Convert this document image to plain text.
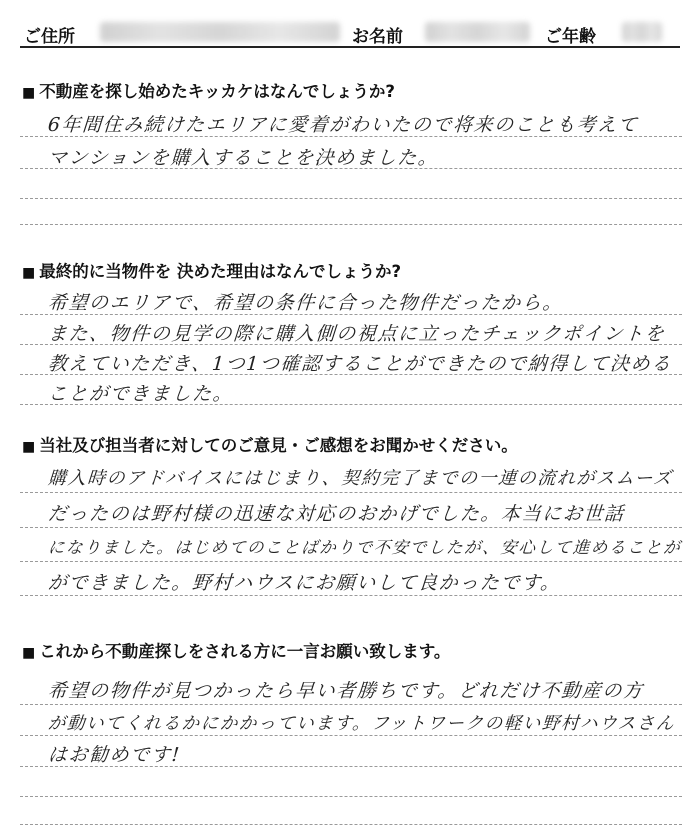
ご住所	お名前	ご年齢
■ 不動産を探し始めたキッカケはなんでしょうか?
6年間住み続けたエリアに愛着がわいたので将来のことも考えて
マンションを購入することを決めました。
■ 最終的に当物件を 決めた理由はなんでしょうか?
希望のエリアで、希望の条件に合った物件だったから。
また、物件の見学の際に購入側の視点に立ったチェックポイントを
教えていただき、1つ1つ確認することができたので納得して決める
ことができました。
■ 当社及び担当者に対してのご意見・ご感想をお聞かせください。
購入時のアドバイスにはじまり、契約完了までの一連の流れがスムーズ
だったのは野村様の迅速な対応のおかげでした。本当にお世話
になりました。はじめてのことばかりで不安でしたが、安心して進めることが
ができました。野村ハウスにお願いして良かったです。
■ これから不動産探しをされる方に一言お願い致します。
希望の物件が見つかったら早い者勝ちです。どれだけ不動産の方
が動いてくれるかにかかっています。フットワークの軽い野村ハウスさん
はお勧めです!
